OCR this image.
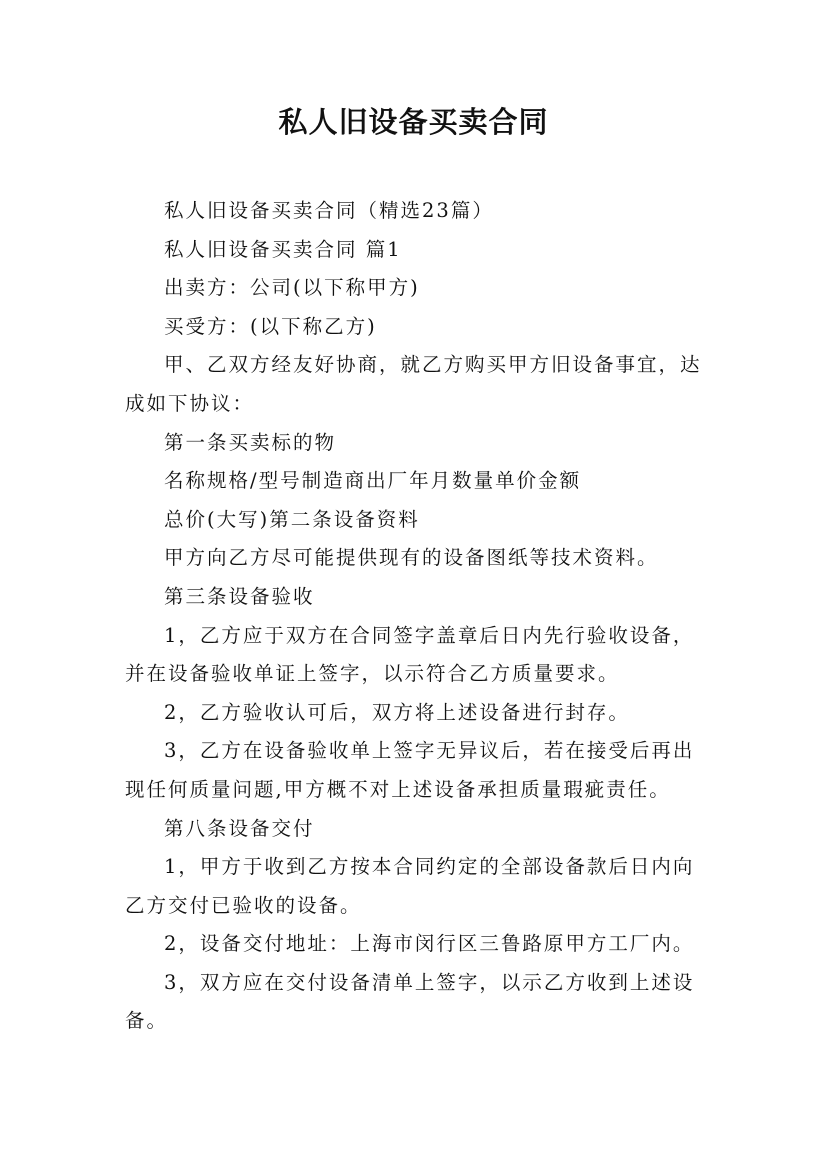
私人旧设备买卖合同

私人旧设备买卖合同（精选23篇）

私人旧设备买卖合同 篇1

出卖方：公司(以下称甲方)

买受方：(以下称乙方)

甲、乙双方经友好协商，就乙方购买甲方旧设备事宜，达成如下协议：

第一条买卖标的物

名称规格/型号制造商出厂年月数量单价金额

总价(大写)第二条设备资料

甲方向乙方尽可能提供现有的设备图纸等技术资料。

第三条设备验收

1，乙方应于双方在合同签字盖章后日内先行验收设备，并在设备验收单证上签字，以示符合乙方质量要求。

2，乙方验收认可后，双方将上述设备进行封存。

3，乙方在设备验收单上签字无异议后，若在接受后再出现任何质量问题,甲方概不对上述设备承担质量瑕疵责任。

第八条设备交付

1，甲方于收到乙方按本合同约定的全部设备款后日内向乙方交付已验收的设备。

2，设备交付地址：上海市闵行区三鲁路原甲方工厂内。

3，双方应在交付设备清单上签字，以示乙方收到上述设备。
